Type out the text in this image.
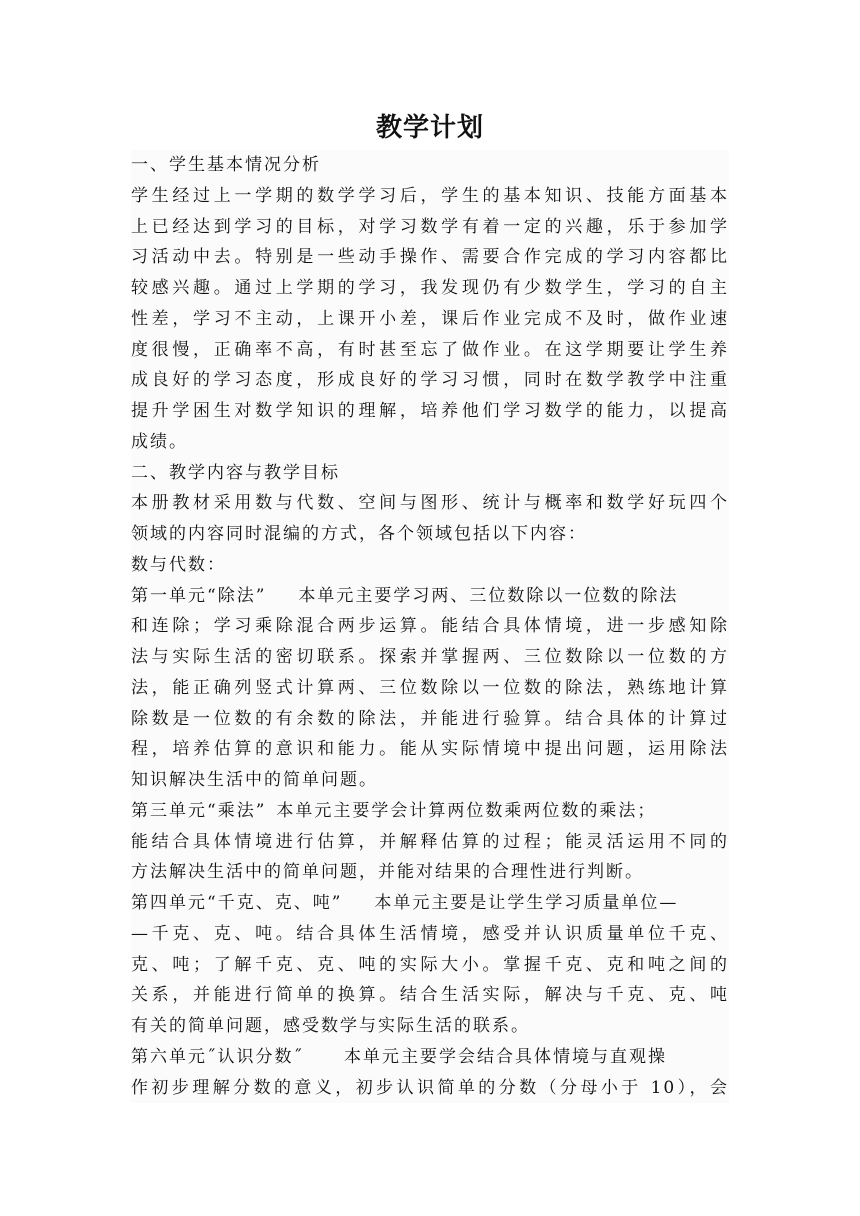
教学计划
一、学生基本情况分析
学生经过上一学期的数学学习后，学生的基本知识、技能方面基本
上已经达到学习的目标，对学习数学有着一定的兴趣，乐于参加学
习活动中去。特别是一些动手操作、需要合作完成的学习内容都比
较感兴趣。通过上学期的学习，我发现仍有少数学生，学习的自主
性差，学习不主动，上课开小差，课后作业完成不及时，做作业速
度很慢，正确率不高，有时甚至忘了做作业。在这学期要让学生养
成良好的学习态度，形成良好的学习习惯，同时在数学教学中注重
提升学困生对数学知识的理解，培养他们学习数学的能力，以提高
成绩。
二、教学内容与教学目标
本册教材采用数与代数、空间与图形、统计与概率和数学好玩四个
领域的内容同时混编的方式，各个领域包括以下内容：
数与代数：
第一单元“除法” 本单元主要学习两、三位数除以一位数的除法
和连除；学习乘除混合两步运算。能结合具体情境，进一步感知除
法与实际生活的密切联系。探索并掌握两、三位数除以一位数的方
法，能正确列竖式计算两、三位数除以一位数的除法，熟练地计算
除数是一位数的有余数的除法，并能进行验算。结合具体的计算过
程，培养估算的意识和能力。能从实际情境中提出问题，运用除法
知识解决生活中的简单问题。
第三单元“乘法” 本单元主要学会计算两位数乘两位数的乘法；
能结合具体情境进行估算，并解释估算的过程；能灵活运用不同的
方法解决生活中的简单问题，并能对结果的合理性进行判断。
第四单元“千克、克、吨” 本单元主要是让学生学习质量单位—
—千克、克、吨。结合具体生活情境，感受并认识质量单位千克、
克、吨；了解千克、克、吨的实际大小。掌握千克、克和吨之间的
关系，并能进行简单的换算。结合生活实际，解决与千克、克、吨
有关的简单问题，感受数学与实际生活的联系。
第六单元˝认识分数˝ 本单元主要学会结合具体情境与直观操
作初步理解分数的意义，初步认识简单的分数（分母小于 10），会
